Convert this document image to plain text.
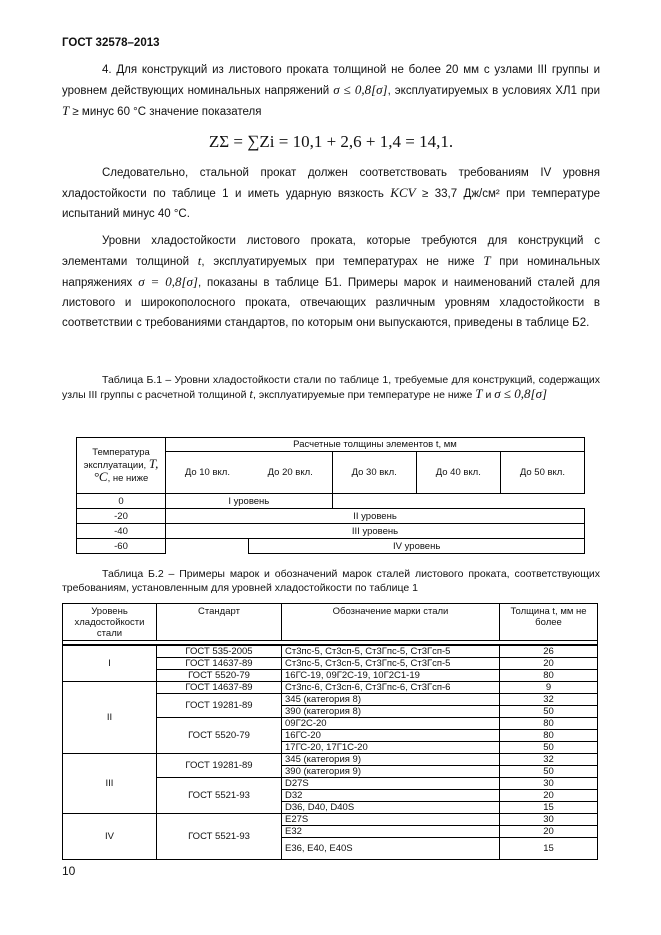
ГОСТ 32578–2013
4. Для конструкций из листового проката толщиной не более 20 мм с узлами III группы и уровнем действующих номинальных напряжений σ ≤ 0,8[σ], эксплуатируемых в условиях ХЛ1 при T ≥ минус 60 °С значение показателя
ZΣ = ∑Zi = 10,1 + 2,6 + 1,4 = 14,1.
Следовательно, стальной прокат должен соответствовать требованиям IV уровня хладостойкости по таблице 1 и иметь ударную вязкость KCV ≥ 33,7 Дж/см² при температуре испытаний минус 40 °С.
Уровни хладостойкости листового проката, которые требуются для конструкций с элементами толщиной t, эксплуатируемых при температурах не ниже T при номинальных напряжениях σ = 0,8[σ], показаны в таблице Б1. Примеры марок и наименований сталей для листового и широкополосного проката, отвечающих различным уровням хладостойкости в соответствии с требованиями стандартов, по которым они выпускаются, приведены в таблице Б2.
Таблица Б.1 – Уровни хладостойкости стали по таблице 1, требуемые для конструкций, содержащих узлы III группы с расчетной толщиной t, эксплуатируемые при температуре не ниже T и σ ≤ 0,8[σ]
Температура эксплуатации, T, °C, не ниже	Расчетные толщины элементов t, мм				
	До 10 вкл.	До 20 вкл.	До 30 вкл.	До 40 вкл.	До 50 вкл.
0	I уровень				
-20	II уровень				
-40	III уровень				
-60		IV уровень			
Таблица Б.2 – Примеры марок и обозначений марок сталей листового проката, соответствующих требованиям, установленным для уровней хладостойкости по таблице 1
Уровень хладостойкости стали	Стандарт	Обозначение марки стали	Толщина t, мм не более

I	ГОСТ 535-2005	Ст3пс-5, Ст3сп-5, Ст3Гпс-5, Ст3Гсп-5	26
	ГОСТ 14637-89	Ст3пс-5, Ст3сп-5, Ст3Гпс-5, Ст3Гсп-5	20
	ГОСТ 5520-79	16ГС-19, 09Г2С-19, 10Г2С1-19	80
II	ГОСТ 14637-89	Ст3пс-6, Ст3сп-6, Ст3Гпс-6, Ст3Гсп-6	9
	ГОСТ 19281-89	345 (категория 8)	32
		390 (категория 8)	50
	ГОСТ 5520-79	09Г2С-20	80
		16ГС-20	80
		17ГС-20, 17Г1С-20	50
III	ГОСТ 19281-89	345 (категория 9)	32
		390 (категория 9)	50
	ГОСТ 5521-93	D27S	30
		D32	20
		D36, D40, D40S	15
IV	ГОСТ 5521-93	E27S	30
		E32	20
		E36, E40, E40S	15
10
